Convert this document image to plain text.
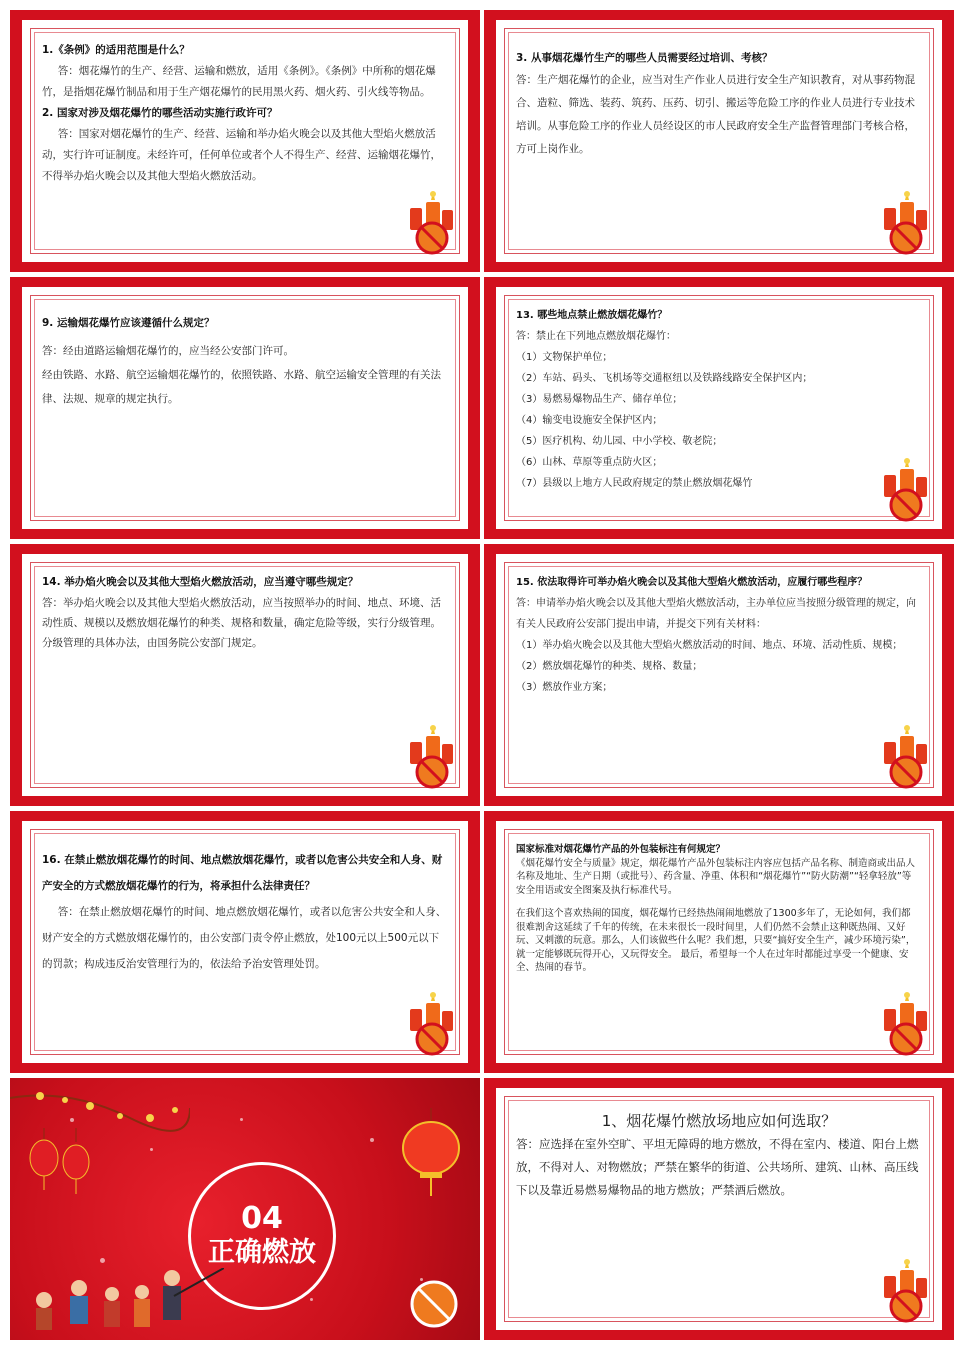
1.《条例》的适用范围是什么？

答：烟花爆竹的生产、经营、运输和燃放，适用《条例》。《条例》中所称的烟花爆竹，是指烟花爆竹制品和用于生产烟花爆竹的民用黑火药、烟火药、引火线等物品。

2. 国家对涉及烟花爆竹的哪些活动实施行政许可？

答：国家对烟花爆竹的生产、经营、运输和举办焰火晚会以及其他大型焰火燃放活动，实行许可证制度。未经许可，任何单位或者个人不得生产、经营、运输烟花爆竹，不得举办焰火晚会以及其他大型焰火燃放活动。

3. 从事烟花爆竹生产的哪些人员需要经过培训、考核？

答：生产烟花爆竹的企业，应当对生产作业人员进行安全生产知识教育，对从事药物混合、造粒、筛选、装药、筑药、压药、切引、搬运等危险工序的作业人员进行专业技术培训。从事危险工序的作业人员经设区的市人民政府安全生产监督管理部门考核合格，方可上岗作业。

9. 运输烟花爆竹应该遵循什么规定？

答：经由道路运输烟花爆竹的，应当经公安部门许可。

经由铁路、水路、航空运输烟花爆竹的，依照铁路、水路、航空运输安全管理的有关法律、法规、规章的规定执行。

13. 哪些地点禁止燃放烟花爆竹？

答：禁止在下列地点燃放烟花爆竹：

（1）文物保护单位；

（2）车站、码头、飞机场等交通枢纽以及铁路线路安全保护区内；

（3）易燃易爆物品生产、储存单位；

（4）输变电设施安全保护区内；

（5）医疗机构、幼儿园、中小学校、敬老院；

（6）山林、草原等重点防火区；

（7）县级以上地方人民政府规定的禁止燃放烟花爆竹

14. 举办焰火晚会以及其他大型焰火燃放活动，应当遵守哪些规定？

答：举办焰火晚会以及其他大型焰火燃放活动，应当按照举办的时间、地点、环境、活动性质、规模以及燃放烟花爆竹的种类、规格和数量，确定危险等级，实行分级管理。分级管理的具体办法，由国务院公安部门规定。

15. 依法取得许可举办焰火晚会以及其他大型焰火燃放活动，应履行哪些程序？

答：申请举办焰火晚会以及其他大型焰火燃放活动，主办单位应当按照分级管理的规定，向有关人民政府公安部门提出申请，并提交下列有关材料：

（1）举办焰火晚会以及其他大型焰火燃放活动的时间、地点、环境、活动性质、规模；

（2）燃放烟花爆竹的种类、规格、数量；

（3）燃放作业方案；

16. 在禁止燃放烟花爆竹的时间、地点燃放烟花爆竹，或者以危害公共安全和人身、财产安全的方式燃放烟花爆竹的行为，将承担什么法律责任？

答：在禁止燃放烟花爆竹的时间、地点燃放烟花爆竹，或者以危害公共安全和人身、财产安全的方式燃放烟花爆竹的，由公安部门责令停止燃放，处100元以上500元以下的罚款；构成违反治安管理行为的，依法给予治安管理处罚。

国家标准对烟花爆竹产品的外包装标注有何规定？

《烟花爆竹安全与质量》规定，烟花爆竹产品外包装标注内容应包括产品名称、制造商或出品人名称及地址、生产日期（或批号）、药含量、净重、体积和“烟花爆竹”“防火防潮”“轻拿轻放”等安全用语或安全图案及执行标准代号。

在我们这个喜欢热闹的国度，烟花爆竹已经热热闹闹地燃放了1300多年了，无论如何，我们都很难割舍这延续了千年的传统，在未来很长一段时间里，人们仍然不会禁止这种既热闹、又好玩、又刺激的玩意。那么，人们该做些什么呢？我们想，只要“搞好安全生产，减少环境污染”，就一定能够既玩得开心，又玩得安全。 最后，希望每一个人在过年时都能过享受一个健康、安全、热闹的春节。

04
正确燃放

1、烟花爆竹燃放场地应如何选取？

答：应选择在室外空旷、平坦无障碍的地方燃放，不得在室内、楼道、阳台上燃放，不得对人、对物燃放；严禁在繁华的街道、公共场所、建筑、山林、高压线下以及靠近易燃易爆物品的地方燃放；严禁酒后燃放。
